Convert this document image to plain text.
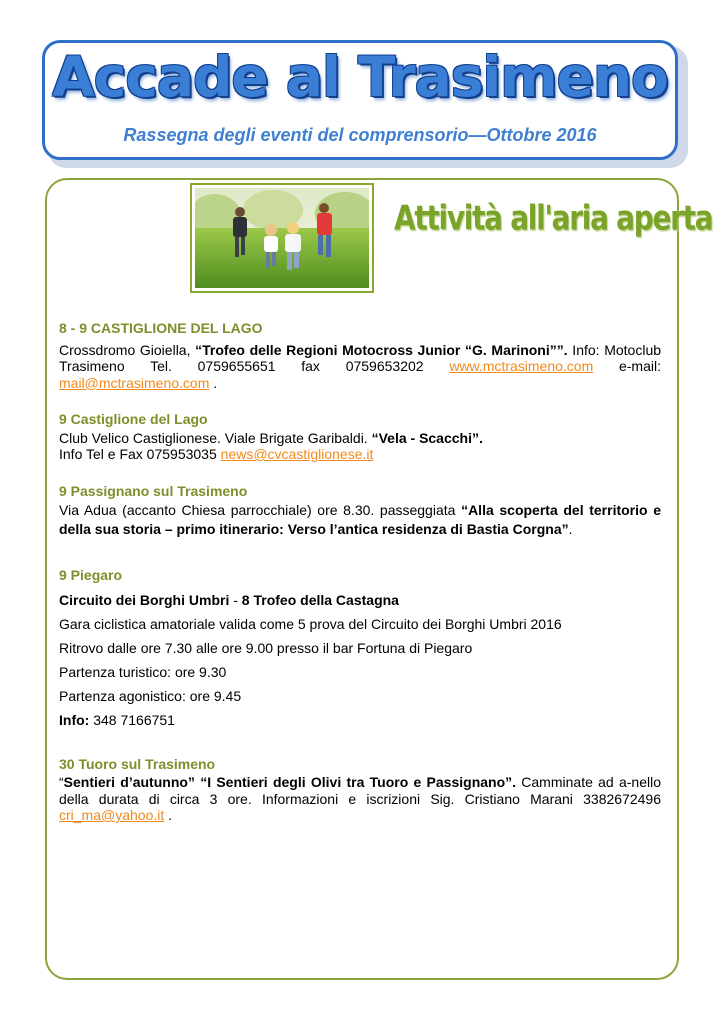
Accade al Trasimeno
Rassegna degli eventi del comprensorio—Ottobre 2016
Attività all'aria aperta
8 - 9 CASTIGLIONE DEL LAGO

Crossdromo Gioiella, “Trofeo delle Regioni Motocross Junior “G. Marinoni””. Info: Motoclub Trasimeno Tel. 0759655651 fax 0759653202 www.mctrasimeno.com e-mail: mail@mctrasimeno.com .

9 Castiglione del Lago

Club Velico Castiglionese. Viale Brigate Garibaldi. “Vela - Scacchi”.
Info Tel e Fax 075953035 news@cvcastiglionese.it

9 Passignano sul Trasimeno

Via Adua (accanto Chiesa parrocchiale) ore 8.30. passeggiata “Alla scoperta del territorio e della sua storia – primo itinerario: Verso l’antica residenza di Bastia Corgna”.

9 Piegaro

Circuito dei Borghi Umbri - 8 Trofeo della Castagna

Gara ciclistica amatoriale valida come 5 prova del Circuito dei Borghi Umbri 2016

Ritrovo dalle ore 7.30 alle ore 9.00 presso il bar Fortuna di Piegaro

Partenza turistico: ore 9.30

Partenza agonistico: ore 9.45

Info: 348 7166751

30 Tuoro sul Trasimeno

“Sentieri d’autunno” “I Sentieri degli Olivi tra Tuoro e Passignano”. Camminate ad a-nello della durata di circa 3 ore. Informazioni e iscrizioni Sig. Cristiano Marani 3382672496 cri_ma@yahoo.it .
